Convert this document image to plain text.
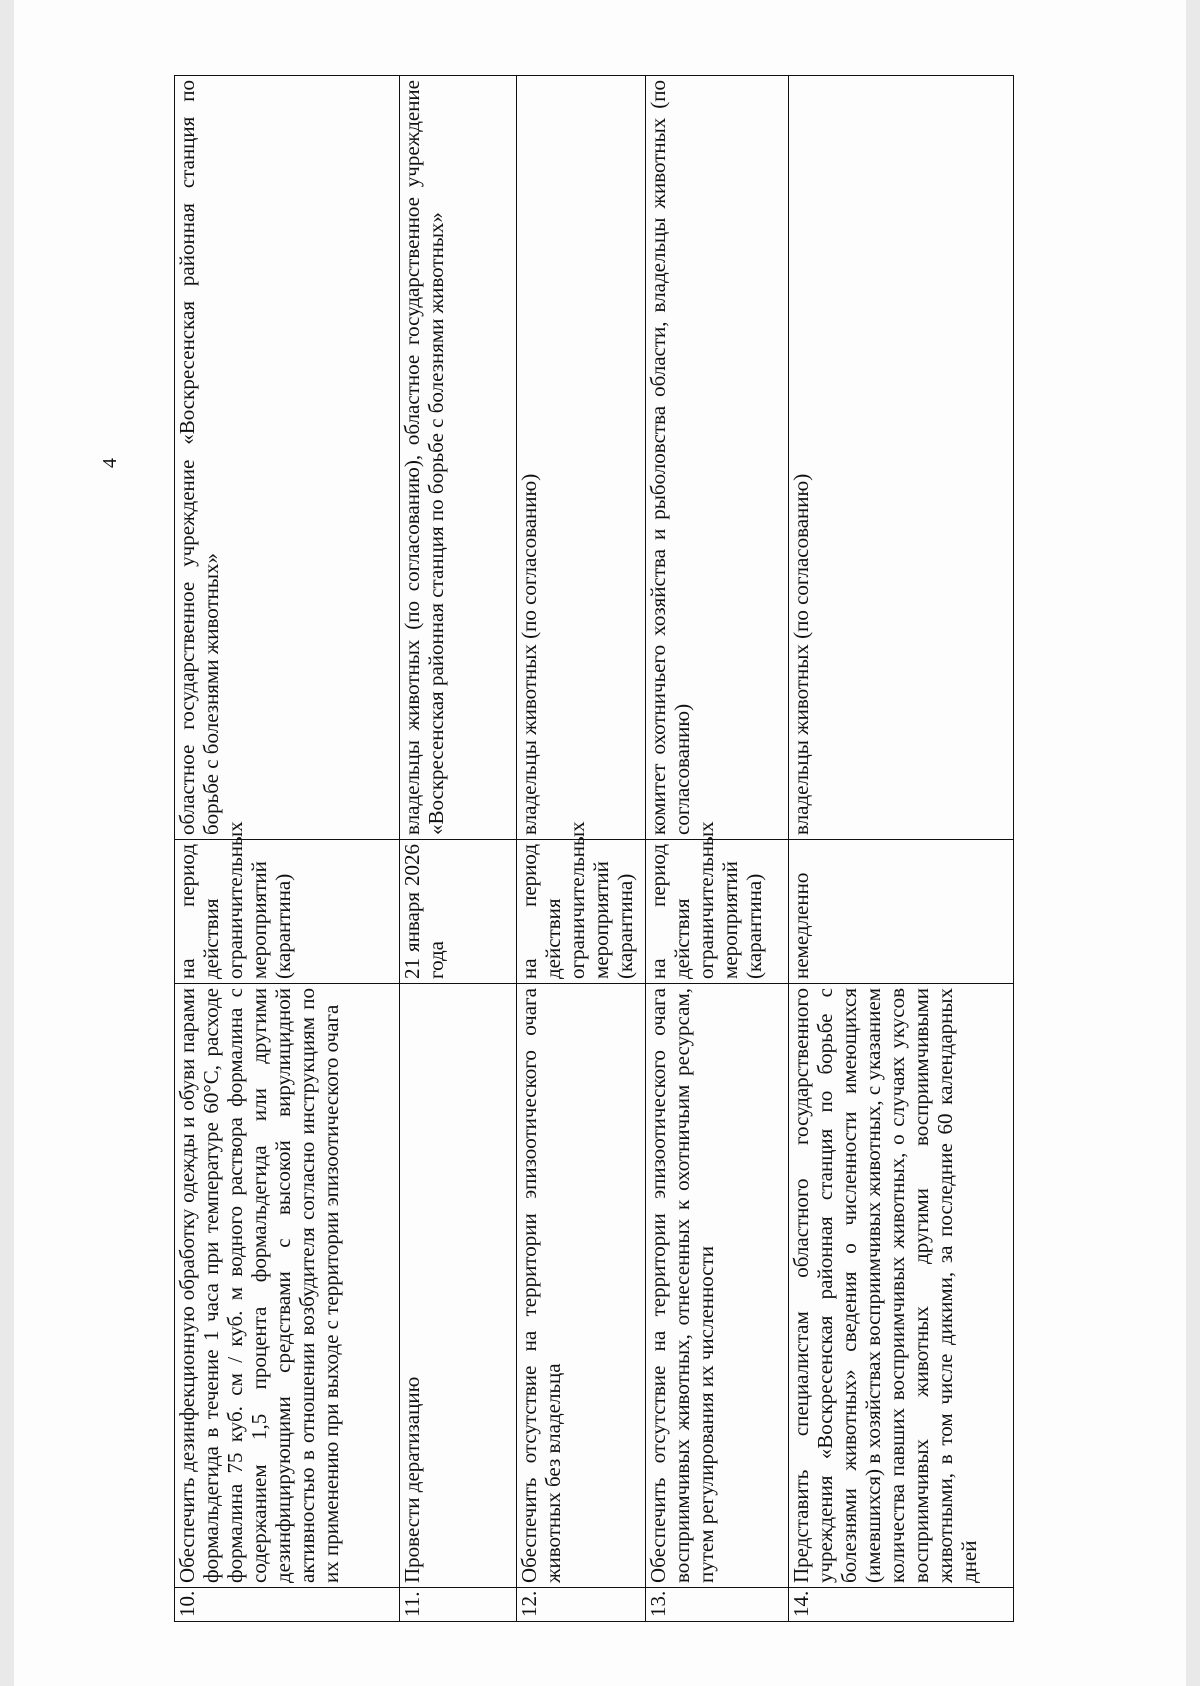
4
10.	Обеспечить дезинфекционную обработку одежды и обуви парами формальдегида в течение 1 часа при температуре 60°С, расходе формалина 75 куб. см / куб. м водного раствора формалина с содержанием 1,5 процента формальдегида или другими дезинфицирующими средствами с высокой вирулицидной активностью в отношении возбудителя согласно инструкциям по их применению при выходе с территории эпизоотического очага	на период действия ограничительных мероприятий (карантина)	областное государственное учреждение «Воскресенская районная станция по борьбе с болезнями животных»
11.	Провести дератизацию	21 января 2026 года	владельцы животных (по согласованию), областное государственное учреждение «Воскресенская районная станция по борьбе с болезнями животных»
12.	Обеспечить отсутствие на территории эпизоотического очага животных без владельца	на период действия ограничительных мероприятий (карантина)	владельцы животных (по согласованию)
13.	Обеспечить отсутствие на территории эпизоотического очага восприимчивых животных, отнесенных к охотничьим ресурсам, путем регулирования их численности	на период действия ограничительных мероприятий (карантина)	комитет охотничьего хозяйства и рыболовства области, владельцы животных (по согласованию)
14.	Представить специалистам областного государственного учреждения «Воскресенская районная станция по борьбе с болезнями животных» сведения о численности имеющихся (имевшихся) в хозяйствах восприимчивых животных, с указанием количества павших восприимчивых животных, о случаях укусов восприимчивых животных другими восприимчивыми животными, в том числе дикими, за последние 60 календарных дней	немедленно	владельцы животных (по согласованию)
